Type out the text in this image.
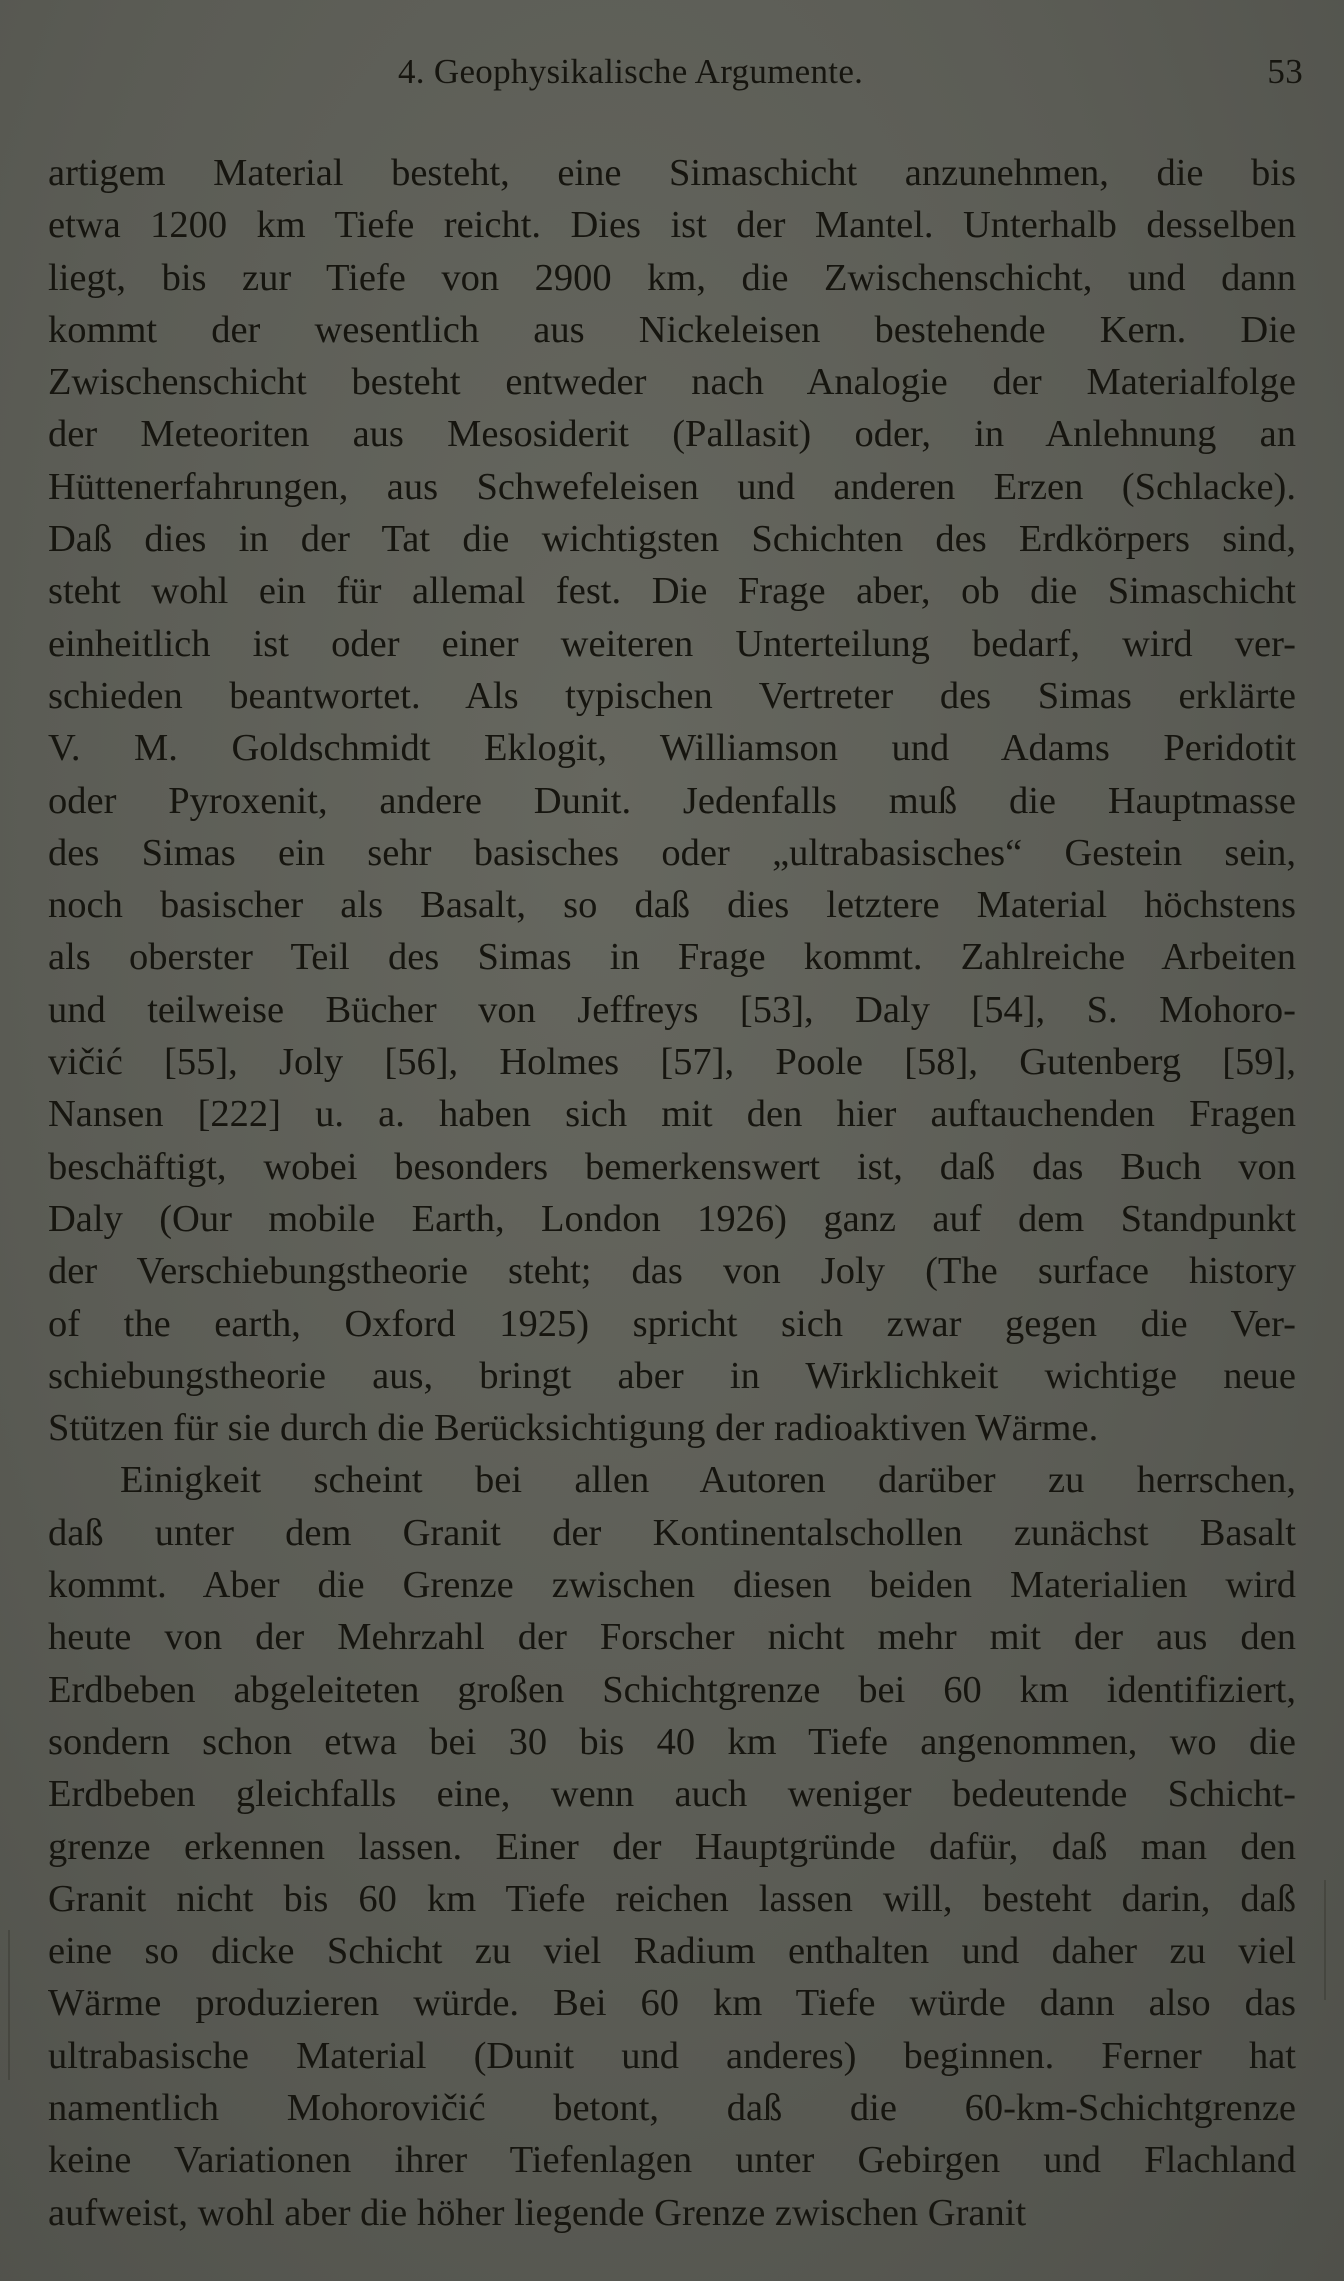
4. Geophysikalische Argumente.	53
artigem Material besteht, eine Simaschicht anzunehmen, die bis
etwa 1200 km Tiefe reicht. Dies ist der Mantel. Unterhalb desselben
liegt, bis zur Tiefe von 2900 km, die Zwischenschicht, und dann
kommt der wesentlich aus Nickeleisen bestehende Kern. Die
Zwischenschicht besteht entweder nach Analogie der Materialfolge
der Meteoriten aus Mesosiderit (Pallasit) oder, in Anlehnung an
Hüttenerfahrungen, aus Schwefeleisen und anderen Erzen (Schlacke).
Daß dies in der Tat die wichtigsten Schichten des Erdkörpers sind,
steht wohl ein für allemal fest. Die Frage aber, ob die Simaschicht
einheitlich ist oder einer weiteren Unterteilung bedarf, wird ver-
schieden beantwortet. Als typischen Vertreter des Simas erklärte
V. M. Goldschmidt Eklogit, Williamson und Adams Peridotit
oder Pyroxenit, andere Dunit. Jedenfalls muß die Hauptmasse
des Simas ein sehr basisches oder „ultrabasisches“ Gestein sein,
noch basischer als Basalt, so daß dies letztere Material höchstens
als oberster Teil des Simas in Frage kommt. Zahlreiche Arbeiten
und teilweise Bücher von Jeffreys [53], Daly [54], S. Mohoro-
vičić [55], Joly [56], Holmes [57], Poole [58], Gutenberg [59],
Nansen [222] u. a. haben sich mit den hier auftauchenden Fragen
beschäftigt, wobei besonders bemerkenswert ist, daß das Buch von
Daly (Our mobile Earth, London 1926) ganz auf dem Standpunkt
der Verschiebungstheorie steht; das von Joly (The surface history
of the earth, Oxford 1925) spricht sich zwar gegen die Ver-
schiebungstheorie aus, bringt aber in Wirklichkeit wichtige neue
Stützen für sie durch die Berücksichtigung der radioaktiven Wärme.
Einigkeit scheint bei allen Autoren darüber zu herrschen,
daß unter dem Granit der Kontinentalschollen zunächst Basalt
kommt. Aber die Grenze zwischen diesen beiden Materialien wird
heute von der Mehrzahl der Forscher nicht mehr mit der aus den
Erdbeben abgeleiteten großen Schichtgrenze bei 60 km identifiziert,
sondern schon etwa bei 30 bis 40 km Tiefe angenommen, wo die
Erdbeben gleichfalls eine, wenn auch weniger bedeutende Schicht-
grenze erkennen lassen. Einer der Hauptgründe dafür, daß man den
Granit nicht bis 60 km Tiefe reichen lassen will, besteht darin, daß
eine so dicke Schicht zu viel Radium enthalten und daher zu viel
Wärme produzieren würde. Bei 60 km Tiefe würde dann also das
ultrabasische Material (Dunit und anderes) beginnen. Ferner hat
namentlich Mohorovičić betont, daß die 60-km-Schichtgrenze
keine Variationen ihrer Tiefenlagen unter Gebirgen und Flachland
aufweist, wohl aber die höher liegende Grenze zwischen Granit
